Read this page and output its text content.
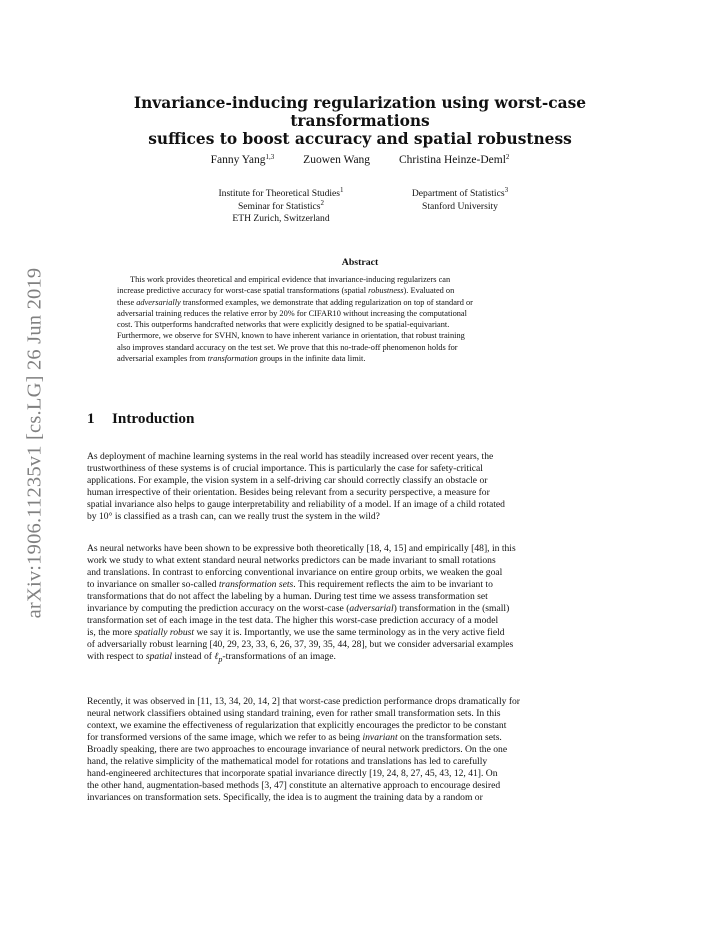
arXiv:1906.11235v1 [cs.LG] 26 Jun 2019
Invariance-inducing regularization using worst-case transformations
suffices to boost accuracy and spatial robustness
Fanny Yang$^{1,3}$	Zuowen Wang	Christina Heinze-Deml$^2$
Institute for Theoretical Studies$^1$
Seminar for Statistics$^2$
ETH Zurich, Switzerland
Department of Statistics$^3$
Stanford University
Abstract
This work provides theoretical and empirical evidence that invariance-inducing regularizers can
increase predictive accuracy for worst-case spatial transformations (spatial robustness). Evaluated on
these adversarially transformed examples, we demonstrate that adding regularization on top of standard or
adversarial training reduces the relative error by 20% for CIFAR10 without increasing the computational
cost. This outperforms handcrafted networks that were explicitly designed to be spatial-equivariant.
Furthermore, we observe for SVHN, known to have inherent variance in orientation, that robust training
also improves standard accuracy on the test set. We prove that this no-trade-off phenomenon holds for
adversarial examples from transformation groups in the infinite data limit.
1 Introduction
As deployment of machine learning systems in the real world has steadily increased over recent years, the
trustworthiness of these systems is of crucial importance. This is particularly the case for safety-critical
applications. For example, the vision system in a self-driving car should correctly classify an obstacle or
human irrespective of their orientation. Besides being relevant from a security perspective, a measure for
spatial invariance also helps to gauge interpretability and reliability of a model. If an image of a child rotated
by 10° is classified as a trash can, can we really trust the system in the wild?
As neural networks have been shown to be expressive both theoretically [18, 4, 15] and empirically [48], in this
work we study to what extent standard neural networks predictors can be made invariant to small rotations
and translations. In contrast to enforcing conventional invariance on entire group orbits, we weaken the goal
to invariance on smaller so-called transformation sets. This requirement reflects the aim to be invariant to
transformations that do not affect the labeling by a human. During test time we assess transformation set
invariance by computing the prediction accuracy on the worst-case (adversarial) transformation in the (small)
transformation set of each image in the test data. The higher this worst-case prediction accuracy of a model
is, the more spatially robust we say it is. Importantly, we use the same terminology as in the very active field
of adversarially robust learning [40, 29, 23, 33, 6, 26, 37, 39, 35, 44, 28], but we consider adversarial examples
with respect to spatial instead of ℓ$_p$-transformations of an image.
Recently, it was observed in [11, 13, 34, 20, 14, 2] that worst-case prediction performance drops dramatically for
neural network classifiers obtained using standard training, even for rather small transformation sets. In this
context, we examine the effectiveness of regularization that explicitly encourages the predictor to be constant
for transformed versions of the same image, which we refer to as being invariant on the transformation sets.
Broadly speaking, there are two approaches to encourage invariance of neural network predictors. On the one
hand, the relative simplicity of the mathematical model for rotations and translations has led to carefully
hand-engineered architectures that incorporate spatial invariance directly [19, 24, 8, 27, 45, 43, 12, 41]. On
the other hand, augmentation-based methods [3, 47] constitute an alternative approach to encourage desired
invariances on transformation sets. Specifically, the idea is to augment the training data by a random or
